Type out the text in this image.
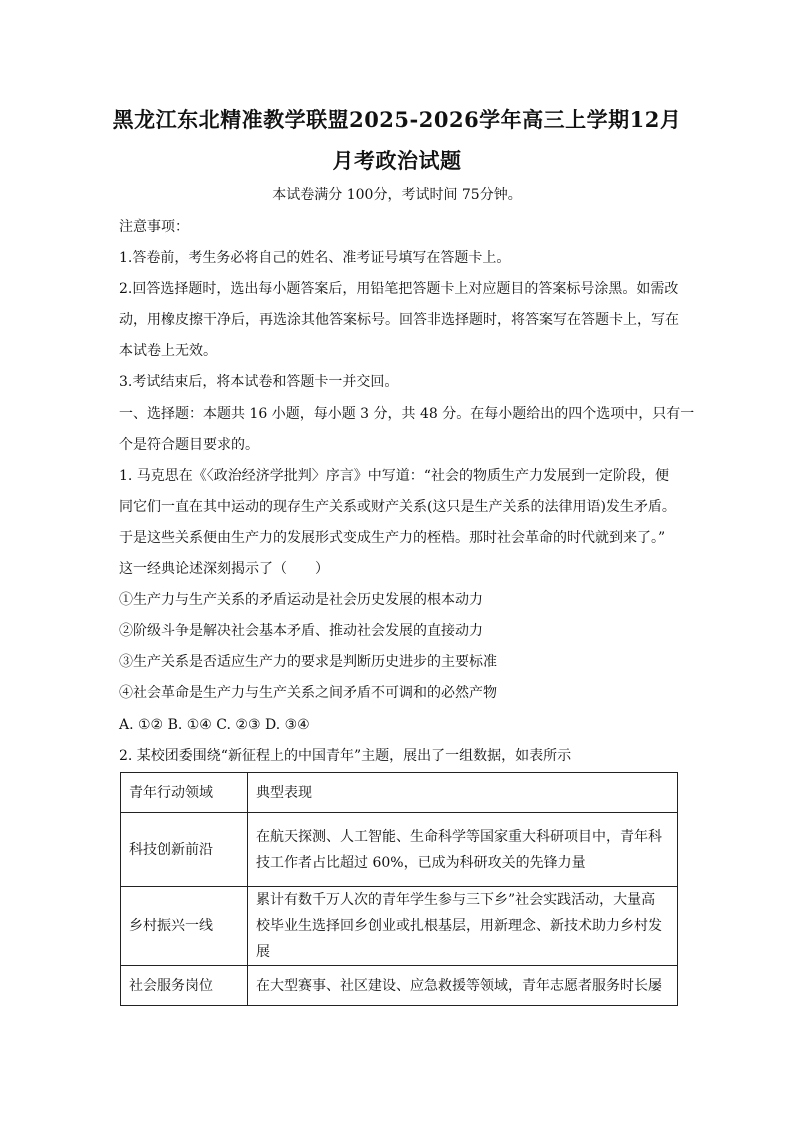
黑龙江东北精准教学联盟2025-2026学年高三上学期12月
月考政治试题
本试卷满分 100分，考试时间 75分钟。
注意事项：
1.答卷前，考生务必将自己的姓名、准考证号填写在答题卡上。
2.回答选择题时，选出每小题答案后，用铅笔把答题卡上对应题目的答案标号涂黑。如需改
动，用橡皮擦干净后，再选涂其他答案标号。回答非选择题时，将答案写在答题卡上，写在
本试卷上无效。
3.考试结束后，将本试卷和答题卡一并交回。
一、选择题：本题共 16 小题，每小题 3 分，共 48 分。在每小题给出的四个选项中，只有一
个是符合题目要求的。
1. 马克思在《〈政治经济学批判〉序言》中写道：“社会的物质生产力发展到一定阶段，便
同它们一直在其中运动的现存生产关系或财产关系(这只是生产关系的法律用语)发生矛盾。
于是这些关系便由生产力的发展形式变成生产力的桎梏。那时社会革命的时代就到来了。”
这一经典论述深刻揭示了（　　）
①生产力与生产关系的矛盾运动是社会历史发展的根本动力
②阶级斗争是解决社会基本矛盾、推动社会发展的直接动力
③生产关系是否适应生产力的要求是判断历史进步的主要标准
④社会革命是生产力与生产关系之间矛盾不可调和的必然产物
A. ①② B. ①④ C. ②③ D. ③④
2. 某校团委围绕“新征程上的中国青年”主题，展出了一组数据，如表所示
青年行动领域	典型表现
科技创新前沿	在航天探测、人工智能、生命科学等国家重大科研项目中，青年科技工作者占比超过 60%，已成为科研攻关的先锋力量
乡村振兴一线	累计有数千万人次的青年学生参与三下乡”社会实践活动，大量高校毕业生选择回乡创业或扎根基层，用新理念、新技术助力乡村发展
社会服务岗位	在大型赛事、社区建设、应急救援等领域，青年志愿者服务时长屡
